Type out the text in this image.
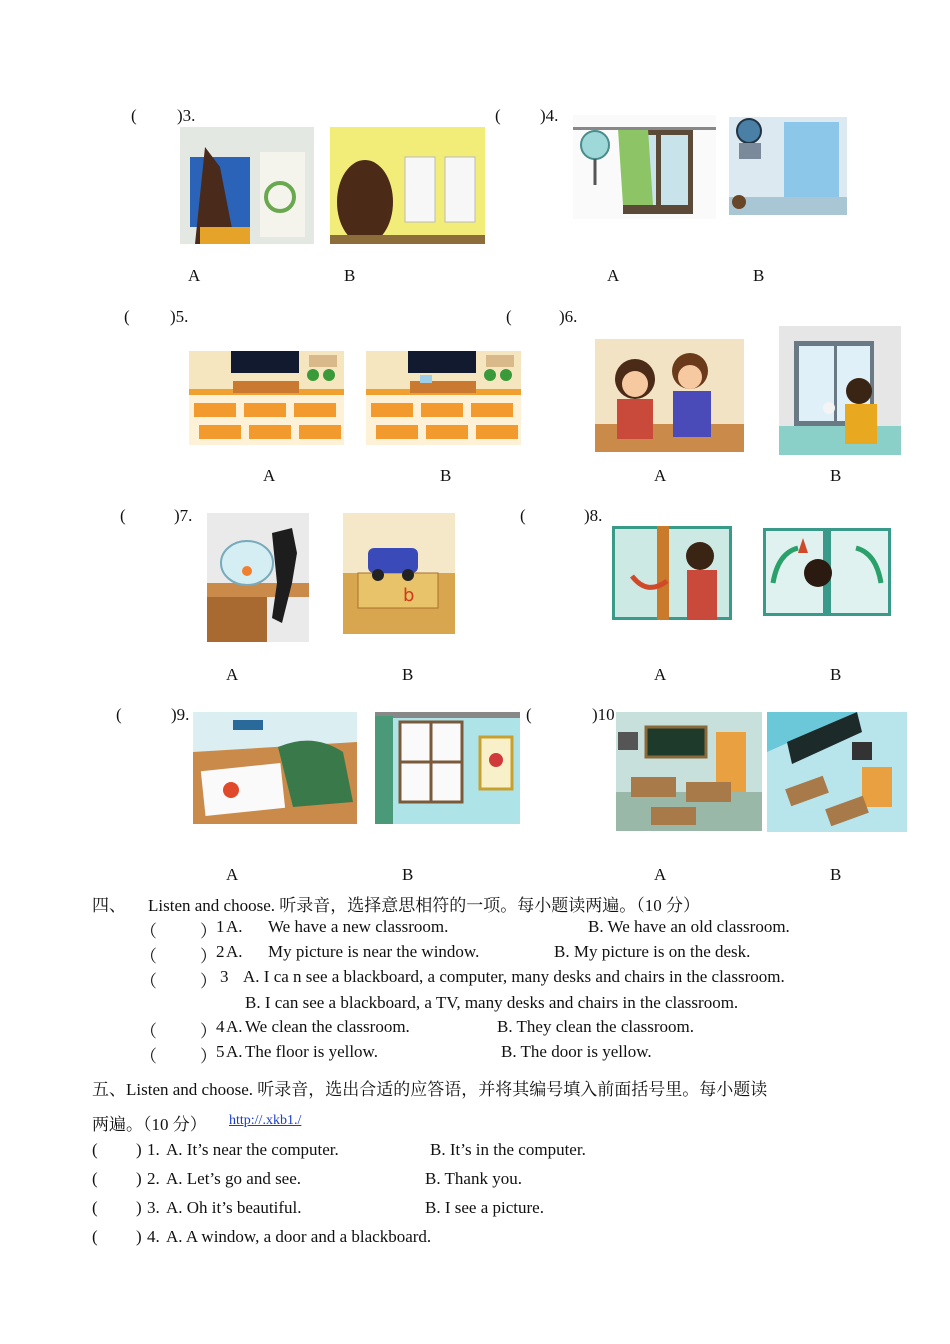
( )3.
A	B
( )4.
A	B
( )5.
A	B
(	)6.
A	B
(	)7.
b
A	B
(	)8.
A	B
(	)9.
A	B
(	)10
A	B
四、 Listen and choose. 听录音，选择意思相符的一项。每小题读两遍。（10 分）
（	） 1 A. We have a new classroom.	B. We have an old classroom.
（	） 2 A. My picture is near the window.	B. My picture is on the desk.
（	） 3 A. I ca n see a blackboard, a computer, many desks and chairs in the classroom.
B. I can see a blackboard, a TV, many desks and chairs in the classroom.
（	） 4 A. We clean the classroom.	B. They clean the classroom.
（	） 5 A. The floor is yellow.	B. The door is yellow.
五、Listen and choose. 听录音，选出合适的应答语，并将其编号填入前面括号里。每小题读
两遍。（10 分） http://.xkb1./
( ) 1. A. It’s near the computer.	B. It’s in the computer.
( ) 2. A. Let’s go and see.	B. Thank you.
( ) 3. A. Oh it’s beautiful.	B. I see a picture.
( ) 4. A. A window, a door and a blackboard.
